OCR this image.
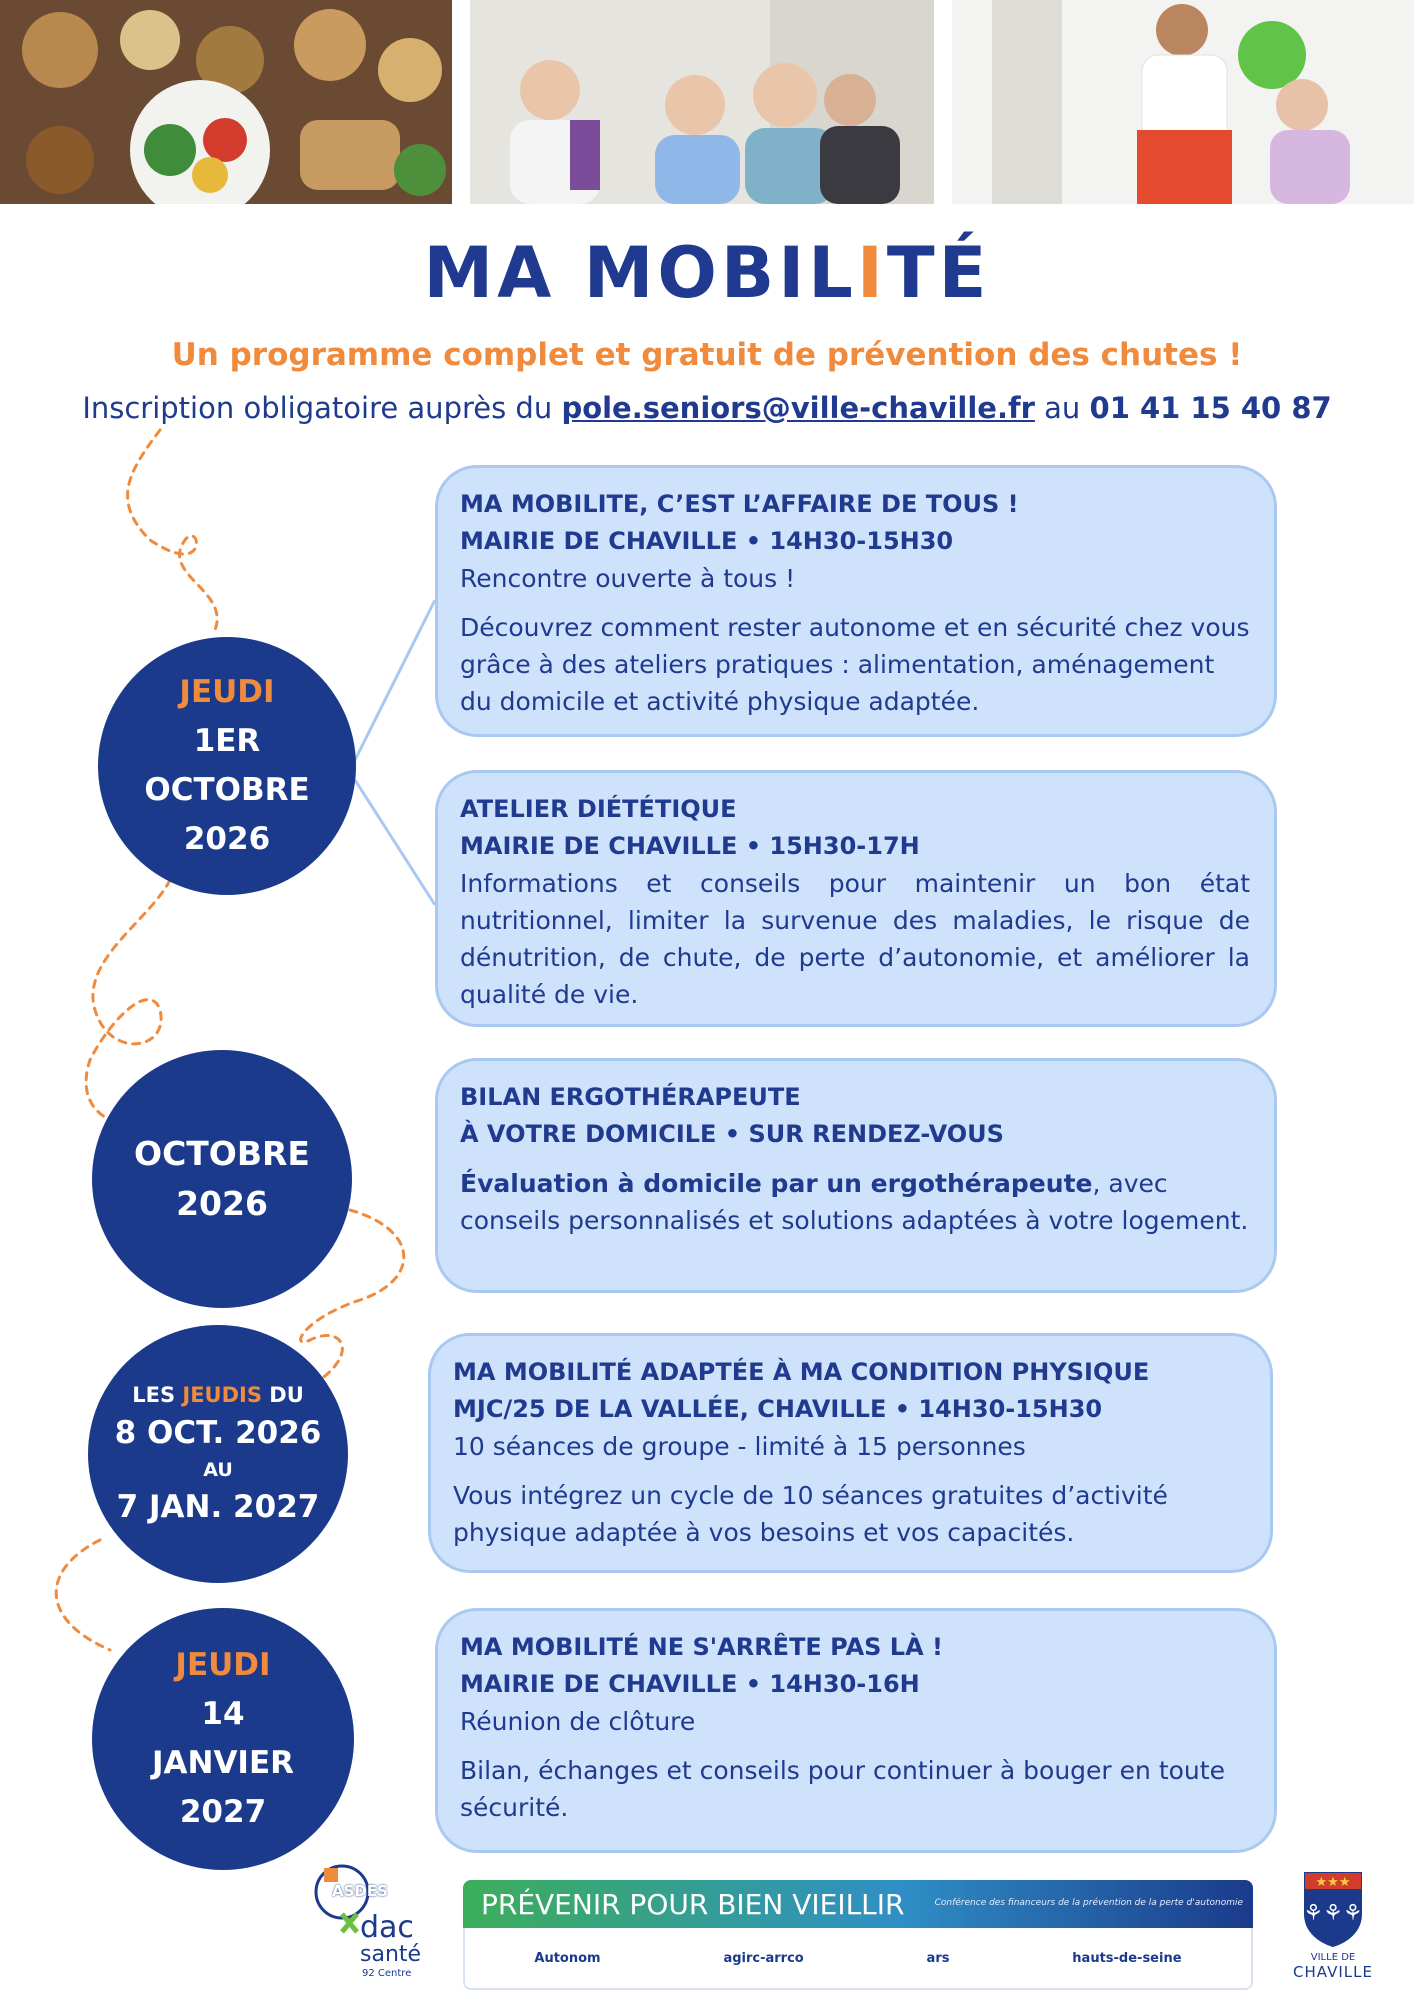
MA MOBILITÉ
Un programme complet et gratuit de prévention des chutes !
Inscription obligatoire auprès du pole.seniors@ville-chaville.fr au 01 41 15 40 87
JEUDI
1ER
OCTOBRE
2026
OCTOBRE
2026
LES JEUDIS DU
8 OCT. 2026
AU
7 JAN. 2027
JEUDI
14
JANVIER
2027
MA MOBILITE, C’EST L’AFFAIRE DE TOUS !
MAIRIE DE CHAVILLE • 14H30-15H30
Rencontre ouverte à tous !
Découvrez comment rester autonome et en sécurité chez vous grâce à des ateliers pratiques : alimentation, aménagement du domicile et activité physique adaptée.
ATELIER DIÉTÉTIQUE
MAIRIE DE CHAVILLE • 15H30-17H
Informations et conseils pour maintenir un bon état nutritionnel, limiter la survenue des maladies, le risque de dénutrition, de chute, de perte d’autonomie, et améliorer la qualité de vie.
BILAN ERGOTHÉRAPEUTE
À VOTRE DOMICILE • SUR RENDEZ-VOUS
Évaluation à domicile par un ergothérapeute, avec conseils personnalisés et solutions adaptées à votre logement.
MA MOBILITÉ ADAPTÉE À MA CONDITION PHYSIQUE
MJC/25 DE LA VALLÉE, CHAVILLE • 14H30-15H30
10 séances de groupe - limité à 15 personnes
Vous intégrez un cycle de 10 séances gratuites d’activité physique adaptée à vos besoins et vos capacités.
MA MOBILITÉ NE S'ARRÊTE PAS LÀ !
MAIRIE DE CHAVILLE • 14H30-16H
Réunion de clôture
Bilan, échanges et conseils pour continuer à bouger en toute sécurité.
ASDES
dac
santé
92 Centre
PRÉVENIR POUR BIEN VIEILLIR	Conférence des financeurs de la prévention de la perte d'autonomie
Autonom	agirc-arrco	ars	hauts-de-seine
★★★
⚘⚘⚘
VILLE DE
CHAVILLE
